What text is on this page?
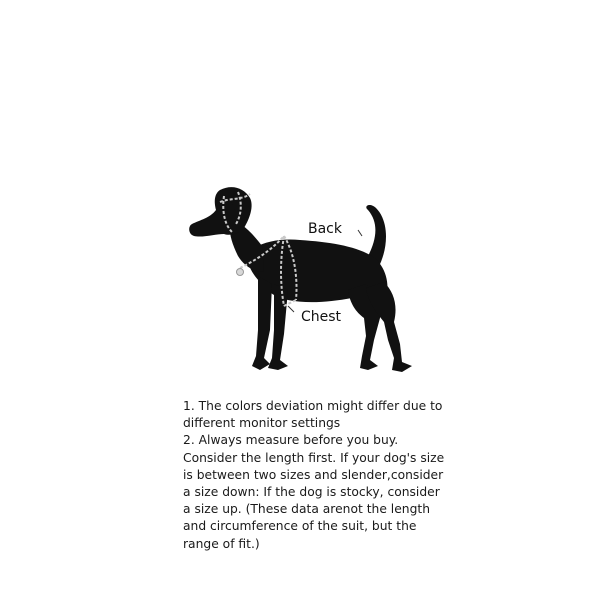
Back
Chest
1. The colors deviation might differ due to
different monitor settings
2. Always measure before you buy.
Consider the length first. If your dog's size
is between two sizes and slender,consider
a size down: If the dog is stocky, consider
a size up. (These data arenot the length
and circumference of the suit, but the
range of fit.)
